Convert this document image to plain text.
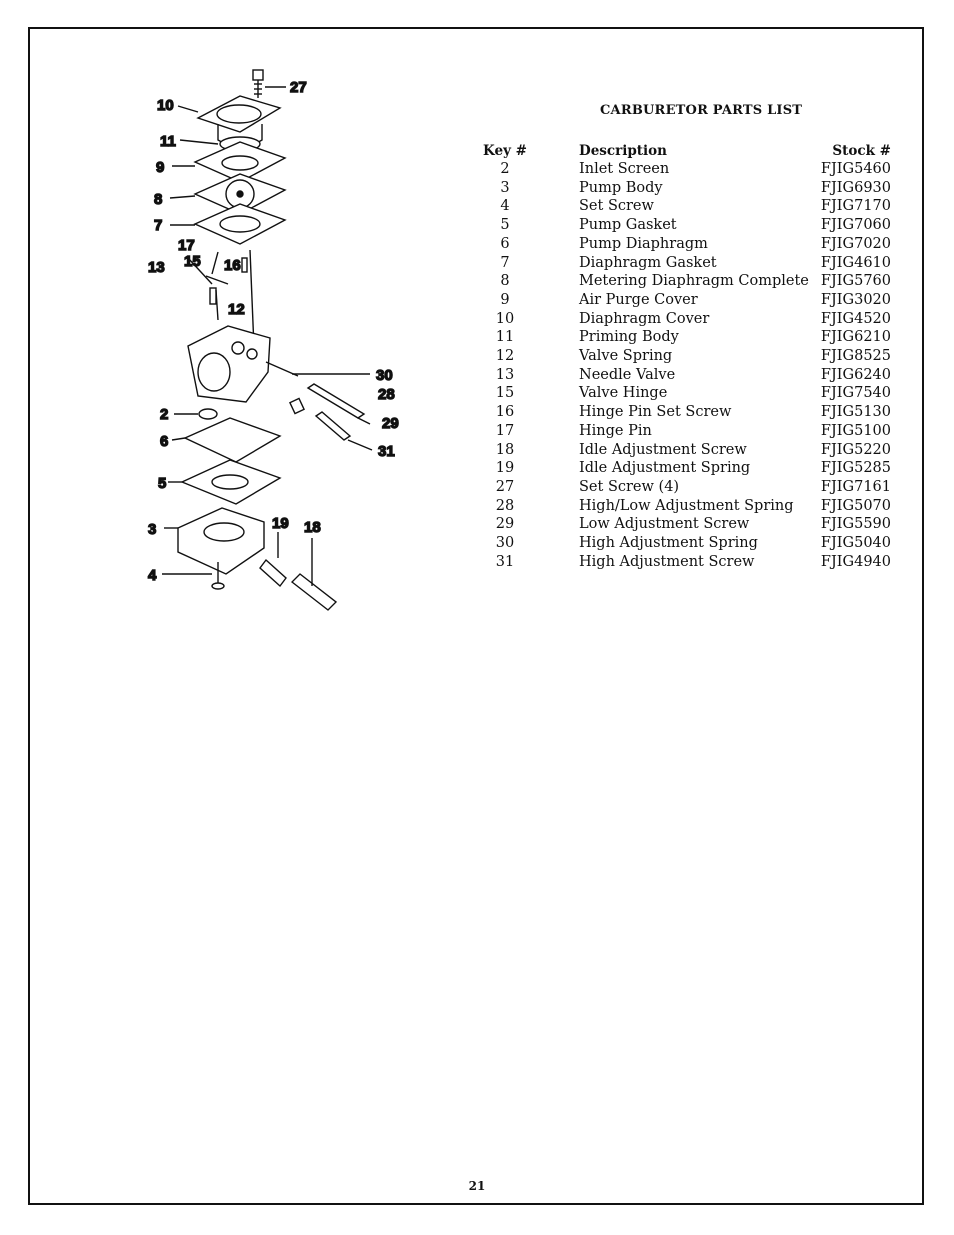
27
10
11
9
8
7
17
15 16
13
12
30
28
29
31
2
6
5
3	19 18
4
CARBURETOR PARTS LIST
Key #		Description	Stock #
2		Inlet Screen	FJIG5460
3		Pump Body	FJIG6930
4		Set Screw	FJIG7170
5		Pump Gasket	FJIG7060
6		Pump Diaphragm	FJIG7020
7		Diaphragm Gasket	FJIG4610
8		Metering Diaphragm Complete	FJIG5760
9		Air Purge Cover	FJIG3020
10		Diaphragm Cover	FJIG4520
11		Priming Body	FJIG6210
12		Valve Spring	FJIG8525
13		Needle Valve	FJIG6240
15		Valve Hinge	FJIG7540
16		Hinge Pin Set Screw	FJIG5130
17		Hinge Pin	FJIG5100
18		Idle Adjustment Screw	FJIG5220
19		Idle Adjustment Spring	FJIG5285
27		Set Screw (4)	FJIG7161
28		High/Low Adjustment Spring	FJIG5070
29		Low Adjustment Screw	FJIG5590
30		High Adjustment Spring	FJIG5040
31		High Adjustment Screw	FJIG4940
21
